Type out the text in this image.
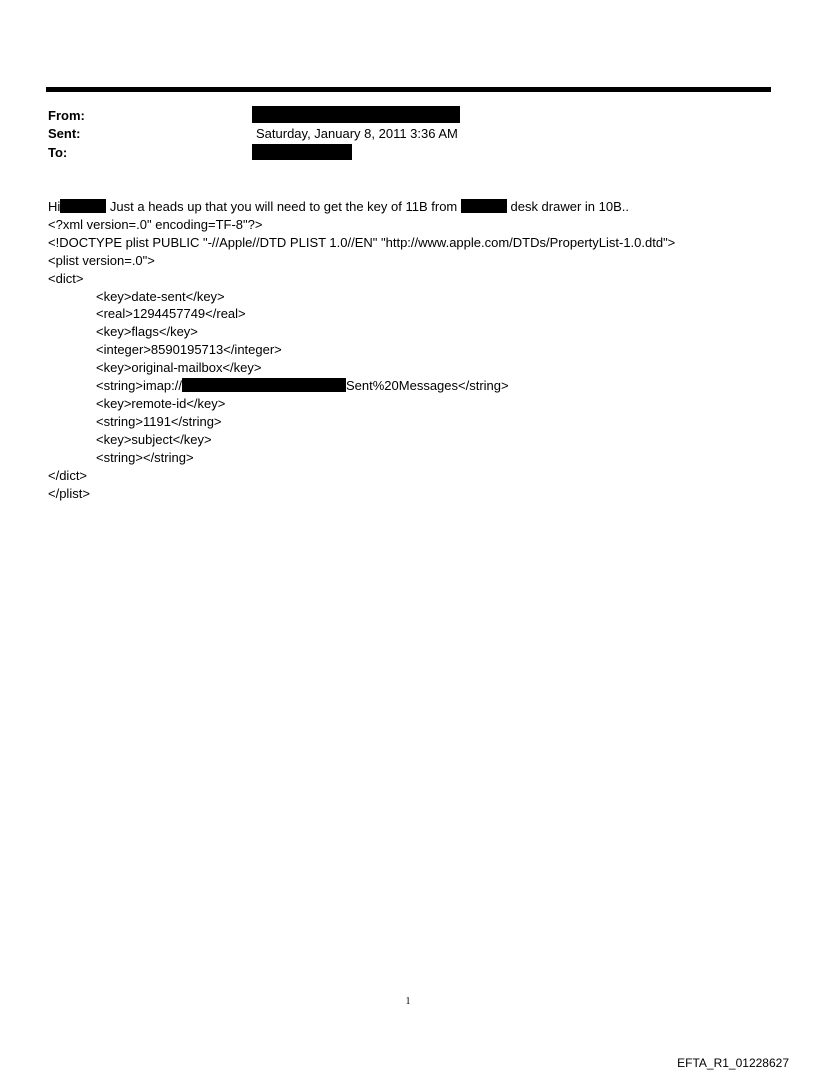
From:
Sent:	Saturday, January 8, 2011 3:36 AM
To:
Hi	Just a heads up that you will need to get the key of 11B from	desk drawer in 10B..
<?xml version=.0" encoding=TF-8"?>
<!DOCTYPE plist PUBLIC "-//Apple//DTD PLIST 1.0//EN" "http://www.apple.com/DTDs/PropertyList-1.0.dtd">
<plist version=.0">
<dict>
<key>date-sent</key>
<real>1294457749</real>
<key>flags</key>
<integer>8590195713</integer>
<key>original-mailbox</key>
<string>imap://	Sent%20Messages</string>
<key>remote-id</key>
<string>1191</string>
<key>subject</key>
<string></string>
</dict>
</plist>
1
EFTA_R1_01228627
